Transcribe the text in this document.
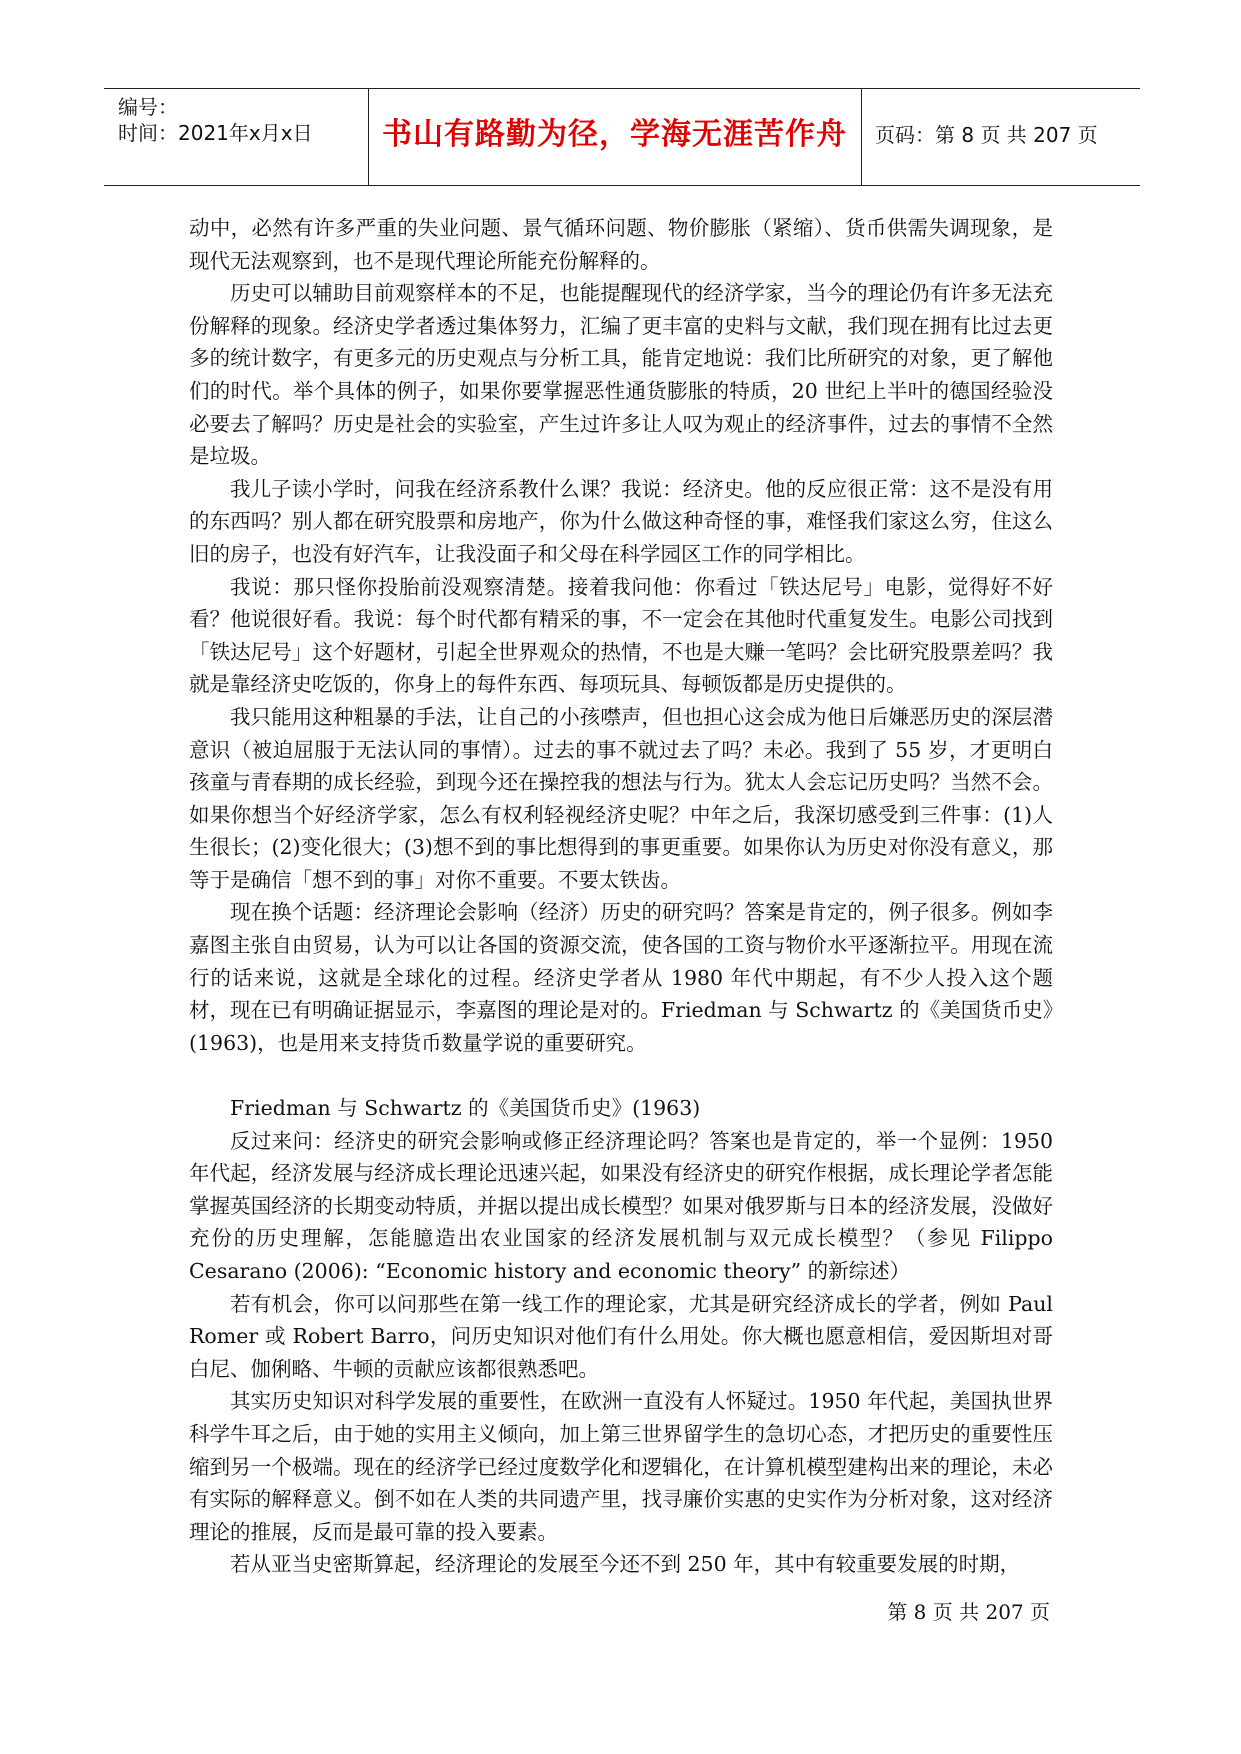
编号：
时间：2021年x月x日	书山有路勤为径，学海无涯苦作舟	页码：第 8 页 共 207 页

动中，必然有许多严重的失业问题、景气循环问题、物价膨胀（紧缩）、货币供需失调现象，是现代无法观察到，也不是现代理论所能充份解释的。

历史可以辅助目前观察样本的不足，也能提醒现代的经济学家，当今的理论仍有许多无法充份解释的现象。经济史学者透过集体努力，汇编了更丰富的史料与文献，我们现在拥有比过去更多的统计数字，有更多元的历史观点与分析工具，能肯定地说：我们比所研究的对象，更了解他们的时代。举个具体的例子，如果你要掌握恶性通货膨胀的特质，20 世纪上半叶的德国经验没必要去了解吗？历史是社会的实验室，产生过许多让人叹为观止的经济事件，过去的事情不全然是垃圾。

我儿子读小学时，问我在经济系教什么课？我说：经济史。他的反应很正常：这不是没有用的东西吗？别人都在研究股票和房地产，你为什么做这种奇怪的事，难怪我们家这么穷，住这么旧的房子，也没有好汽车，让我没面子和父母在科学园区工作的同学相比。

我说：那只怪你投胎前没观察清楚。接着我问他：你看过「铁达尼号」电影，觉得好不好看？他说很好看。我说：每个时代都有精采的事，不一定会在其他时代重复发生。电影公司找到「铁达尼号」这个好题材，引起全世界观众的热情，不也是大赚一笔吗？会比研究股票差吗？我就是靠经济史吃饭的，你身上的每件东西、每项玩具、每顿饭都是历史提供的。

我只能用这种粗暴的手法，让自己的小孩噤声，但也担心这会成为他日后嫌恶历史的深层潜意识（被迫屈服于无法认同的事情）。过去的事不就过去了吗？未必。我到了 55 岁，才更明白孩童与青春期的成长经验，到现今还在操控我的想法与行为。犹太人会忘记历史吗？当然不会。如果你想当个好经济学家，怎么有权利轻视经济史呢？中年之后，我深切感受到三件事：(1)人生很长；(2)变化很大；(3)想不到的事比想得到的事更重要。如果你认为历史对你没有意义，那等于是确信「想不到的事」对你不重要。不要太铁齿。

现在换个话题：经济理论会影响（经济）历史的研究吗？答案是肯定的，例子很多。例如李嘉图主张自由贸易，认为可以让各国的资源交流，使各国的工资与物价水平逐渐拉平。用现在流行的话来说，这就是全球化的过程。经济史学者从 1980 年代中期起，有不少人投入这个题材，现在已有明确证据显示，李嘉图的理论是对的。Friedman 与 Schwartz 的《美国货币史》(1963)，也是用来支持货币数量学说的重要研究。

Friedman 与 Schwartz 的《美国货币史》(1963)

反过来问：经济史的研究会影响或修正经济理论吗？答案也是肯定的，举一个显例：1950 年代起，经济发展与经济成长理论迅速兴起，如果没有经济史的研究作根据，成长理论学者怎能掌握英国经济的长期变动特质，并据以提出成长模型？如果对俄罗斯与日本的经济发展，没做好充份的历史理解，怎能臆造出农业国家的经济发展机制与双元成长模型？（参见 Filippo Cesarano (2006): “Economic history and economic theory” 的新综述）

若有机会，你可以问那些在第一线工作的理论家，尤其是研究经济成长的学者，例如 Paul Romer 或 Robert Barro，问历史知识对他们有什么用处。你大概也愿意相信，爱因斯坦对哥白尼、伽俐略、牛顿的贡献应该都很熟悉吧。

其实历史知识对科学发展的重要性，在欧洲一直没有人怀疑过。1950 年代起，美国执世界科学牛耳之后，由于她的实用主义倾向，加上第三世界留学生的急切心态，才把历史的重要性压缩到另一个极端。现在的经济学已经过度数学化和逻辑化，在计算机模型建构出来的理论，未必有实际的解释意义。倒不如在人类的共同遗产里，找寻廉价实惠的史实作为分析对象，这对经济理论的推展，反而是最可靠的投入要素。

若从亚当史密斯算起，经济理论的发展至今还不到 250 年，其中有较重要发展的时期，

第 8 页 共 207 页
